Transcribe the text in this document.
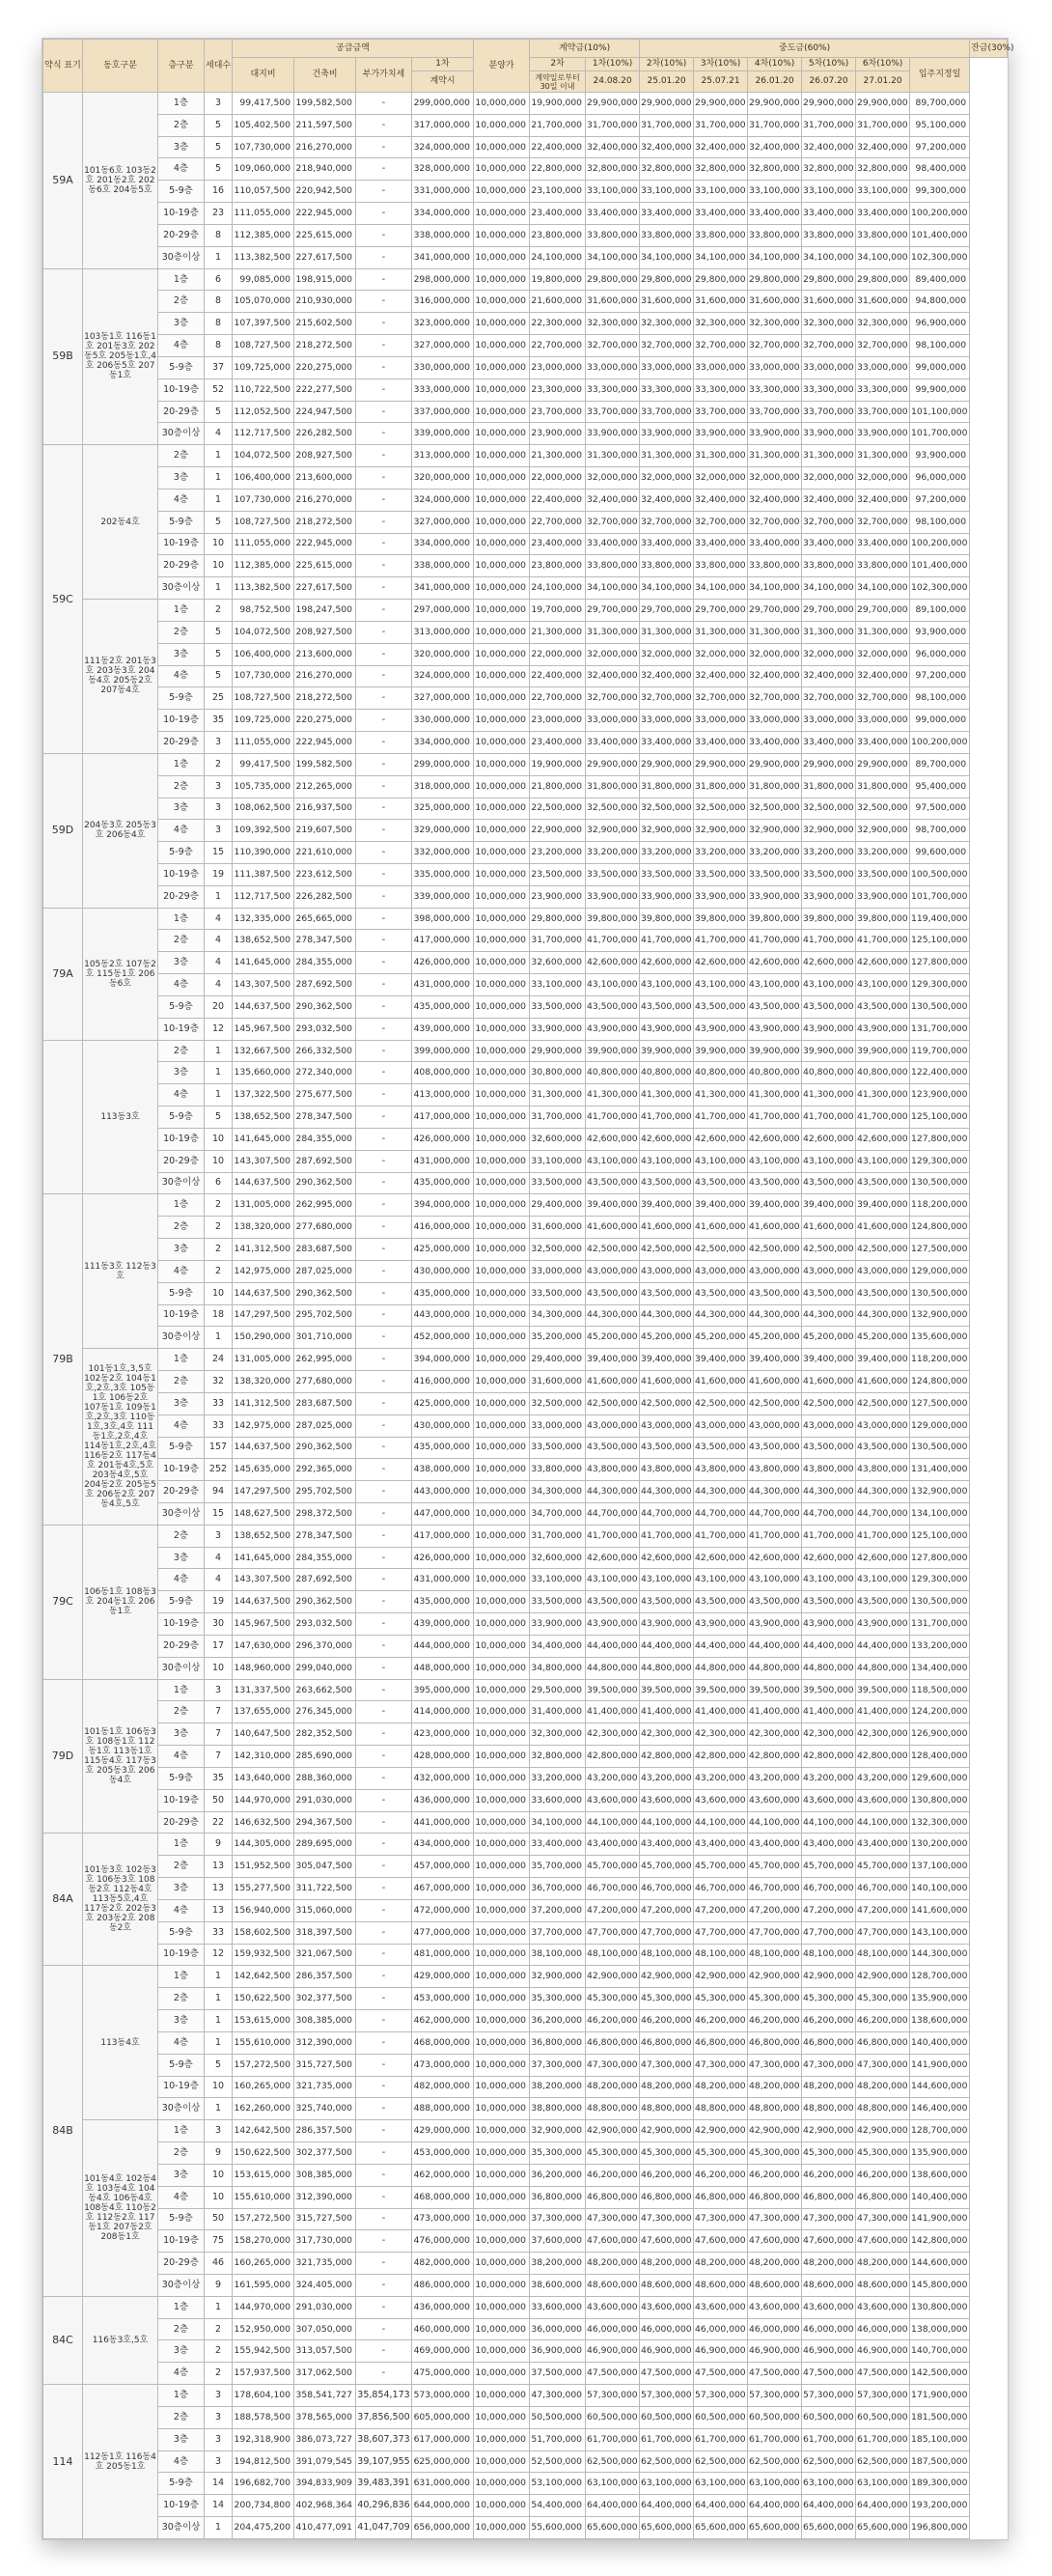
약식 표기	동호구분	층구분	세대수	공급금액				분양가	계약금(10%)		중도금(60%)						잔금(30%)
				대지비	건축비	부가가치세	1차		2차	1차(10%)	2차(10%)	3차(10%)	4차(10%)	5차(10%)	6차(10%)	입주지정일	
							계약시		계약일로부터 30일 이내	24.08.20	25.01.20	25.07.21	26.01.20	26.07.20	27.01.20		
59A	101동6호 103동2호 201동2호 202동6호 204동5호	1층	3	99,417,500	199,582,500	-	299,000,000	10,000,000	19,900,000	29,900,000	29,900,000	29,900,000	29,900,000	29,900,000	29,900,000	89,700,000	
		2층	5	105,402,500	211,597,500	-	317,000,000	10,000,000	21,700,000	31,700,000	31,700,000	31,700,000	31,700,000	31,700,000	31,700,000	95,100,000	
		3층	5	107,730,000	216,270,000	-	324,000,000	10,000,000	22,400,000	32,400,000	32,400,000	32,400,000	32,400,000	32,400,000	32,400,000	97,200,000	
		4층	5	109,060,000	218,940,000	-	328,000,000	10,000,000	22,800,000	32,800,000	32,800,000	32,800,000	32,800,000	32,800,000	32,800,000	98,400,000	
		5-9층	16	110,057,500	220,942,500	-	331,000,000	10,000,000	23,100,000	33,100,000	33,100,000	33,100,000	33,100,000	33,100,000	33,100,000	99,300,000	
		10-19층	23	111,055,000	222,945,000	-	334,000,000	10,000,000	23,400,000	33,400,000	33,400,000	33,400,000	33,400,000	33,400,000	33,400,000	100,200,000	
		20-29층	8	112,385,000	225,615,000	-	338,000,000	10,000,000	23,800,000	33,800,000	33,800,000	33,800,000	33,800,000	33,800,000	33,800,000	101,400,000	
		30층이상	1	113,382,500	227,617,500	-	341,000,000	10,000,000	24,100,000	34,100,000	34,100,000	34,100,000	34,100,000	34,100,000	34,100,000	102,300,000	
59B	103동1호 116동1호 201동3호 202동5호 205동1호,4호 206동5호 207동1호	1층	6	99,085,000	198,915,000	-	298,000,000	10,000,000	19,800,000	29,800,000	29,800,000	29,800,000	29,800,000	29,800,000	29,800,000	89,400,000	
		2층	8	105,070,000	210,930,000	-	316,000,000	10,000,000	21,600,000	31,600,000	31,600,000	31,600,000	31,600,000	31,600,000	31,600,000	94,800,000	
		3층	8	107,397,500	215,602,500	-	323,000,000	10,000,000	22,300,000	32,300,000	32,300,000	32,300,000	32,300,000	32,300,000	32,300,000	96,900,000	
		4층	8	108,727,500	218,272,500	-	327,000,000	10,000,000	22,700,000	32,700,000	32,700,000	32,700,000	32,700,000	32,700,000	32,700,000	98,100,000	
		5-9층	37	109,725,000	220,275,000	-	330,000,000	10,000,000	23,000,000	33,000,000	33,000,000	33,000,000	33,000,000	33,000,000	33,000,000	99,000,000	
		10-19층	52	110,722,500	222,277,500	-	333,000,000	10,000,000	23,300,000	33,300,000	33,300,000	33,300,000	33,300,000	33,300,000	33,300,000	99,900,000	
		20-29층	5	112,052,500	224,947,500	-	337,000,000	10,000,000	23,700,000	33,700,000	33,700,000	33,700,000	33,700,000	33,700,000	33,700,000	101,100,000	
		30층이상	4	112,717,500	226,282,500	-	339,000,000	10,000,000	23,900,000	33,900,000	33,900,000	33,900,000	33,900,000	33,900,000	33,900,000	101,700,000	
59C	202동4호	2층	1	104,072,500	208,927,500	-	313,000,000	10,000,000	21,300,000	31,300,000	31,300,000	31,300,000	31,300,000	31,300,000	31,300,000	93,900,000	
		3층	1	106,400,000	213,600,000	-	320,000,000	10,000,000	22,000,000	32,000,000	32,000,000	32,000,000	32,000,000	32,000,000	32,000,000	96,000,000	
		4층	1	107,730,000	216,270,000	-	324,000,000	10,000,000	22,400,000	32,400,000	32,400,000	32,400,000	32,400,000	32,400,000	32,400,000	97,200,000	
		5-9층	5	108,727,500	218,272,500	-	327,000,000	10,000,000	22,700,000	32,700,000	32,700,000	32,700,000	32,700,000	32,700,000	32,700,000	98,100,000	
		10-19층	10	111,055,000	222,945,000	-	334,000,000	10,000,000	23,400,000	33,400,000	33,400,000	33,400,000	33,400,000	33,400,000	33,400,000	100,200,000	
		20-29층	10	112,385,000	225,615,000	-	338,000,000	10,000,000	23,800,000	33,800,000	33,800,000	33,800,000	33,800,000	33,800,000	33,800,000	101,400,000	
		30층이상	1	113,382,500	227,617,500	-	341,000,000	10,000,000	24,100,000	34,100,000	34,100,000	34,100,000	34,100,000	34,100,000	34,100,000	102,300,000	
	111동2호 201동3호 203동3호 204동4호 205동2호 207동4호	1층	2	98,752,500	198,247,500	-	297,000,000	10,000,000	19,700,000	29,700,000	29,700,000	29,700,000	29,700,000	29,700,000	29,700,000	89,100,000	
		2층	5	104,072,500	208,927,500	-	313,000,000	10,000,000	21,300,000	31,300,000	31,300,000	31,300,000	31,300,000	31,300,000	31,300,000	93,900,000	
		3층	5	106,400,000	213,600,000	-	320,000,000	10,000,000	22,000,000	32,000,000	32,000,000	32,000,000	32,000,000	32,000,000	32,000,000	96,000,000	
		4층	5	107,730,000	216,270,000	-	324,000,000	10,000,000	22,400,000	32,400,000	32,400,000	32,400,000	32,400,000	32,400,000	32,400,000	97,200,000	
		5-9층	25	108,727,500	218,272,500	-	327,000,000	10,000,000	22,700,000	32,700,000	32,700,000	32,700,000	32,700,000	32,700,000	32,700,000	98,100,000	
		10-19층	35	109,725,000	220,275,000	-	330,000,000	10,000,000	23,000,000	33,000,000	33,000,000	33,000,000	33,000,000	33,000,000	33,000,000	99,000,000	
		20-29층	3	111,055,000	222,945,000	-	334,000,000	10,000,000	23,400,000	33,400,000	33,400,000	33,400,000	33,400,000	33,400,000	33,400,000	100,200,000	
59D	204동3호 205동3호 206동4호	1층	2	99,417,500	199,582,500	-	299,000,000	10,000,000	19,900,000	29,900,000	29,900,000	29,900,000	29,900,000	29,900,000	29,900,000	89,700,000	
		2층	3	105,735,000	212,265,000	-	318,000,000	10,000,000	21,800,000	31,800,000	31,800,000	31,800,000	31,800,000	31,800,000	31,800,000	95,400,000	
		3층	3	108,062,500	216,937,500	-	325,000,000	10,000,000	22,500,000	32,500,000	32,500,000	32,500,000	32,500,000	32,500,000	32,500,000	97,500,000	
		4층	3	109,392,500	219,607,500	-	329,000,000	10,000,000	22,900,000	32,900,000	32,900,000	32,900,000	32,900,000	32,900,000	32,900,000	98,700,000	
		5-9층	15	110,390,000	221,610,000	-	332,000,000	10,000,000	23,200,000	33,200,000	33,200,000	33,200,000	33,200,000	33,200,000	33,200,000	99,600,000	
		10-19층	19	111,387,500	223,612,500	-	335,000,000	10,000,000	23,500,000	33,500,000	33,500,000	33,500,000	33,500,000	33,500,000	33,500,000	100,500,000	
		20-29층	1	112,717,500	226,282,500	-	339,000,000	10,000,000	23,900,000	33,900,000	33,900,000	33,900,000	33,900,000	33,900,000	33,900,000	101,700,000	
79A	105동2호 107동2호 115동1호 206동6호	1층	4	132,335,000	265,665,000	-	398,000,000	10,000,000	29,800,000	39,800,000	39,800,000	39,800,000	39,800,000	39,800,000	39,800,000	119,400,000	
		2층	4	138,652,500	278,347,500	-	417,000,000	10,000,000	31,700,000	41,700,000	41,700,000	41,700,000	41,700,000	41,700,000	41,700,000	125,100,000	
		3층	4	141,645,000	284,355,000	-	426,000,000	10,000,000	32,600,000	42,600,000	42,600,000	42,600,000	42,600,000	42,600,000	42,600,000	127,800,000	
		4층	4	143,307,500	287,692,500	-	431,000,000	10,000,000	33,100,000	43,100,000	43,100,000	43,100,000	43,100,000	43,100,000	43,100,000	129,300,000	
		5-9층	20	144,637,500	290,362,500	-	435,000,000	10,000,000	33,500,000	43,500,000	43,500,000	43,500,000	43,500,000	43,500,000	43,500,000	130,500,000	
		10-19층	12	145,967,500	293,032,500	-	439,000,000	10,000,000	33,900,000	43,900,000	43,900,000	43,900,000	43,900,000	43,900,000	43,900,000	131,700,000	
	113동3호	2층	1	132,667,500	266,332,500	-	399,000,000	10,000,000	29,900,000	39,900,000	39,900,000	39,900,000	39,900,000	39,900,000	39,900,000	119,700,000	
		3층	1	135,660,000	272,340,000	-	408,000,000	10,000,000	30,800,000	40,800,000	40,800,000	40,800,000	40,800,000	40,800,000	40,800,000	122,400,000	
		4층	1	137,322,500	275,677,500	-	413,000,000	10,000,000	31,300,000	41,300,000	41,300,000	41,300,000	41,300,000	41,300,000	41,300,000	123,900,000	
		5-9층	5	138,652,500	278,347,500	-	417,000,000	10,000,000	31,700,000	41,700,000	41,700,000	41,700,000	41,700,000	41,700,000	41,700,000	125,100,000	
		10-19층	10	141,645,000	284,355,000	-	426,000,000	10,000,000	32,600,000	42,600,000	42,600,000	42,600,000	42,600,000	42,600,000	42,600,000	127,800,000	
		20-29층	10	143,307,500	287,692,500	-	431,000,000	10,000,000	33,100,000	43,100,000	43,100,000	43,100,000	43,100,000	43,100,000	43,100,000	129,300,000	
		30층이상	6	144,637,500	290,362,500	-	435,000,000	10,000,000	33,500,000	43,500,000	43,500,000	43,500,000	43,500,000	43,500,000	43,500,000	130,500,000	
79B	111동3호 112동3호	1층	2	131,005,000	262,995,000	-	394,000,000	10,000,000	29,400,000	39,400,000	39,400,000	39,400,000	39,400,000	39,400,000	39,400,000	118,200,000	
		2층	2	138,320,000	277,680,000	-	416,000,000	10,000,000	31,600,000	41,600,000	41,600,000	41,600,000	41,600,000	41,600,000	41,600,000	124,800,000	
		3층	2	141,312,500	283,687,500	-	425,000,000	10,000,000	32,500,000	42,500,000	42,500,000	42,500,000	42,500,000	42,500,000	42,500,000	127,500,000	
		4층	2	142,975,000	287,025,000	-	430,000,000	10,000,000	33,000,000	43,000,000	43,000,000	43,000,000	43,000,000	43,000,000	43,000,000	129,000,000	
		5-9층	10	144,637,500	290,362,500	-	435,000,000	10,000,000	33,500,000	43,500,000	43,500,000	43,500,000	43,500,000	43,500,000	43,500,000	130,500,000	
		10-19층	18	147,297,500	295,702,500	-	443,000,000	10,000,000	34,300,000	44,300,000	44,300,000	44,300,000	44,300,000	44,300,000	44,300,000	132,900,000	
		30층이상	1	150,290,000	301,710,000	-	452,000,000	10,000,000	35,200,000	45,200,000	45,200,000	45,200,000	45,200,000	45,200,000	45,200,000	135,600,000	
	101동1호,3,5호 102동2호 104동1호,2호,3호 105동1호 106동2호 107동1호 109동1호,2호,3호 110동1호,3호,4호 111동1호,2호,4호 114동1호,2호,4호 116동2호 117동4호 201동4호,5호 203동4호,5호 204동2호 205동5호 206동2호 207동4호,5호	1층	24	131,005,000	262,995,000	-	394,000,000	10,000,000	29,400,000	39,400,000	39,400,000	39,400,000	39,400,000	39,400,000	39,400,000	118,200,000	
		2층	32	138,320,000	277,680,000	-	416,000,000	10,000,000	31,600,000	41,600,000	41,600,000	41,600,000	41,600,000	41,600,000	41,600,000	124,800,000	
		3층	33	141,312,500	283,687,500	-	425,000,000	10,000,000	32,500,000	42,500,000	42,500,000	42,500,000	42,500,000	42,500,000	42,500,000	127,500,000	
		4층	33	142,975,000	287,025,000	-	430,000,000	10,000,000	33,000,000	43,000,000	43,000,000	43,000,000	43,000,000	43,000,000	43,000,000	129,000,000	
		5-9층	157	144,637,500	290,362,500	-	435,000,000	10,000,000	33,500,000	43,500,000	43,500,000	43,500,000	43,500,000	43,500,000	43,500,000	130,500,000	
		10-19층	252	145,635,000	292,365,000	-	438,000,000	10,000,000	33,800,000	43,800,000	43,800,000	43,800,000	43,800,000	43,800,000	43,800,000	131,400,000	
		20-29층	94	147,297,500	295,702,500	-	443,000,000	10,000,000	34,300,000	44,300,000	44,300,000	44,300,000	44,300,000	44,300,000	44,300,000	132,900,000	
		30층이상	15	148,627,500	298,372,500	-	447,000,000	10,000,000	34,700,000	44,700,000	44,700,000	44,700,000	44,700,000	44,700,000	44,700,000	134,100,000	
79C	106동1호 108동3호 204동1호 206동1호	2층	3	138,652,500	278,347,500	-	417,000,000	10,000,000	31,700,000	41,700,000	41,700,000	41,700,000	41,700,000	41,700,000	41,700,000	125,100,000	
		3층	4	141,645,000	284,355,000	-	426,000,000	10,000,000	32,600,000	42,600,000	42,600,000	42,600,000	42,600,000	42,600,000	42,600,000	127,800,000	
		4층	4	143,307,500	287,692,500	-	431,000,000	10,000,000	33,100,000	43,100,000	43,100,000	43,100,000	43,100,000	43,100,000	43,100,000	129,300,000	
		5-9층	19	144,637,500	290,362,500	-	435,000,000	10,000,000	33,500,000	43,500,000	43,500,000	43,500,000	43,500,000	43,500,000	43,500,000	130,500,000	
		10-19층	30	145,967,500	293,032,500	-	439,000,000	10,000,000	33,900,000	43,900,000	43,900,000	43,900,000	43,900,000	43,900,000	43,900,000	131,700,000	
		20-29층	17	147,630,000	296,370,000	-	444,000,000	10,000,000	34,400,000	44,400,000	44,400,000	44,400,000	44,400,000	44,400,000	44,400,000	133,200,000	
		30층이상	10	148,960,000	299,040,000	-	448,000,000	10,000,000	34,800,000	44,800,000	44,800,000	44,800,000	44,800,000	44,800,000	44,800,000	134,400,000	
79D	101동1호 106동3호 108동1호 112동1호 113동1호 115동4호 117동3호 205동3호 206동4호	1층	3	131,337,500	263,662,500	-	395,000,000	10,000,000	29,500,000	39,500,000	39,500,000	39,500,000	39,500,000	39,500,000	39,500,000	118,500,000	
		2층	7	137,655,000	276,345,000	-	414,000,000	10,000,000	31,400,000	41,400,000	41,400,000	41,400,000	41,400,000	41,400,000	41,400,000	124,200,000	
		3층	7	140,647,500	282,352,500	-	423,000,000	10,000,000	32,300,000	42,300,000	42,300,000	42,300,000	42,300,000	42,300,000	42,300,000	126,900,000	
		4층	7	142,310,000	285,690,000	-	428,000,000	10,000,000	32,800,000	42,800,000	42,800,000	42,800,000	42,800,000	42,800,000	42,800,000	128,400,000	
		5-9층	35	143,640,000	288,360,000	-	432,000,000	10,000,000	33,200,000	43,200,000	43,200,000	43,200,000	43,200,000	43,200,000	43,200,000	129,600,000	
		10-19층	50	144,970,000	291,030,000	-	436,000,000	10,000,000	33,600,000	43,600,000	43,600,000	43,600,000	43,600,000	43,600,000	43,600,000	130,800,000	
		20-29층	22	146,632,500	294,367,500	-	441,000,000	10,000,000	34,100,000	44,100,000	44,100,000	44,100,000	44,100,000	44,100,000	44,100,000	132,300,000	
84A	101동3호 102동3호 106동3호 108동2호 112동4호 113동5호,4호 117동2호 202동3호 203동2호 208동2호	1층	9	144,305,000	289,695,000	-	434,000,000	10,000,000	33,400,000	43,400,000	43,400,000	43,400,000	43,400,000	43,400,000	43,400,000	130,200,000	
		2층	13	151,952,500	305,047,500	-	457,000,000	10,000,000	35,700,000	45,700,000	45,700,000	45,700,000	45,700,000	45,700,000	45,700,000	137,100,000	
		3층	13	155,277,500	311,722,500	-	467,000,000	10,000,000	36,700,000	46,700,000	46,700,000	46,700,000	46,700,000	46,700,000	46,700,000	140,100,000	
		4층	13	156,940,000	315,060,000	-	472,000,000	10,000,000	37,200,000	47,200,000	47,200,000	47,200,000	47,200,000	47,200,000	47,200,000	141,600,000	
		5-9층	33	158,602,500	318,397,500	-	477,000,000	10,000,000	37,700,000	47,700,000	47,700,000	47,700,000	47,700,000	47,700,000	47,700,000	143,100,000	
		10-19층	12	159,932,500	321,067,500	-	481,000,000	10,000,000	38,100,000	48,100,000	48,100,000	48,100,000	48,100,000	48,100,000	48,100,000	144,300,000	
84B	113동4호	1층	1	142,642,500	286,357,500	-	429,000,000	10,000,000	32,900,000	42,900,000	42,900,000	42,900,000	42,900,000	42,900,000	42,900,000	128,700,000	
		2층	1	150,622,500	302,377,500	-	453,000,000	10,000,000	35,300,000	45,300,000	45,300,000	45,300,000	45,300,000	45,300,000	45,300,000	135,900,000	
		3층	1	153,615,000	308,385,000	-	462,000,000	10,000,000	36,200,000	46,200,000	46,200,000	46,200,000	46,200,000	46,200,000	46,200,000	138,600,000	
		4층	1	155,610,000	312,390,000	-	468,000,000	10,000,000	36,800,000	46,800,000	46,800,000	46,800,000	46,800,000	46,800,000	46,800,000	140,400,000	
		5-9층	5	157,272,500	315,727,500	-	473,000,000	10,000,000	37,300,000	47,300,000	47,300,000	47,300,000	47,300,000	47,300,000	47,300,000	141,900,000	
		10-19층	10	160,265,000	321,735,000	-	482,000,000	10,000,000	38,200,000	48,200,000	48,200,000	48,200,000	48,200,000	48,200,000	48,200,000	144,600,000	
		30층이상	1	162,260,000	325,740,000	-	488,000,000	10,000,000	38,800,000	48,800,000	48,800,000	48,800,000	48,800,000	48,800,000	48,800,000	146,400,000	
	101동4호 102동4호 103동4호 104동4호 106동4호 108동4호 110동2호 112동2호 117동1호 207동2호 208동1호	1층	3	142,642,500	286,357,500	-	429,000,000	10,000,000	32,900,000	42,900,000	42,900,000	42,900,000	42,900,000	42,900,000	42,900,000	128,700,000	
		2층	9	150,622,500	302,377,500	-	453,000,000	10,000,000	35,300,000	45,300,000	45,300,000	45,300,000	45,300,000	45,300,000	45,300,000	135,900,000	
		3층	10	153,615,000	308,385,000	-	462,000,000	10,000,000	36,200,000	46,200,000	46,200,000	46,200,000	46,200,000	46,200,000	46,200,000	138,600,000	
		4층	10	155,610,000	312,390,000	-	468,000,000	10,000,000	36,800,000	46,800,000	46,800,000	46,800,000	46,800,000	46,800,000	46,800,000	140,400,000	
		5-9층	50	157,272,500	315,727,500	-	473,000,000	10,000,000	37,300,000	47,300,000	47,300,000	47,300,000	47,300,000	47,300,000	47,300,000	141,900,000	
		10-19층	75	158,270,000	317,730,000	-	476,000,000	10,000,000	37,600,000	47,600,000	47,600,000	47,600,000	47,600,000	47,600,000	47,600,000	142,800,000	
		20-29층	46	160,265,000	321,735,000	-	482,000,000	10,000,000	38,200,000	48,200,000	48,200,000	48,200,000	48,200,000	48,200,000	48,200,000	144,600,000	
		30층이상	9	161,595,000	324,405,000	-	486,000,000	10,000,000	38,600,000	48,600,000	48,600,000	48,600,000	48,600,000	48,600,000	48,600,000	145,800,000	
84C	116동3호,5호	1층	1	144,970,000	291,030,000	-	436,000,000	10,000,000	33,600,000	43,600,000	43,600,000	43,600,000	43,600,000	43,600,000	43,600,000	130,800,000	
		2층	2	152,950,000	307,050,000	-	460,000,000	10,000,000	36,000,000	46,000,000	46,000,000	46,000,000	46,000,000	46,000,000	46,000,000	138,000,000	
		3층	2	155,942,500	313,057,500	-	469,000,000	10,000,000	36,900,000	46,900,000	46,900,000	46,900,000	46,900,000	46,900,000	46,900,000	140,700,000	
		4층	2	157,937,500	317,062,500	-	475,000,000	10,000,000	37,500,000	47,500,000	47,500,000	47,500,000	47,500,000	47,500,000	47,500,000	142,500,000	
114	112동1호 116동4호 205동1호	1층	3	178,604,100	358,541,727	35,854,173	573,000,000	10,000,000	47,300,000	57,300,000	57,300,000	57,300,000	57,300,000	57,300,000	57,300,000	171,900,000	
		2층	3	188,578,500	378,565,000	37,856,500	605,000,000	10,000,000	50,500,000	60,500,000	60,500,000	60,500,000	60,500,000	60,500,000	60,500,000	181,500,000	
		3층	3	192,318,900	386,073,727	38,607,373	617,000,000	10,000,000	51,700,000	61,700,000	61,700,000	61,700,000	61,700,000	61,700,000	61,700,000	185,100,000	
		4층	3	194,812,500	391,079,545	39,107,955	625,000,000	10,000,000	52,500,000	62,500,000	62,500,000	62,500,000	62,500,000	62,500,000	62,500,000	187,500,000	
		5-9층	14	196,682,700	394,833,909	39,483,391	631,000,000	10,000,000	53,100,000	63,100,000	63,100,000	63,100,000	63,100,000	63,100,000	63,100,000	189,300,000	
		10-19층	14	200,734,800	402,968,364	40,296,836	644,000,000	10,000,000	54,400,000	64,400,000	64,400,000	64,400,000	64,400,000	64,400,000	64,400,000	193,200,000	
		30층이상	1	204,475,200	410,477,091	41,047,709	656,000,000	10,000,000	55,600,000	65,600,000	65,600,000	65,600,000	65,600,000	65,600,000	65,600,000	196,800,000	
